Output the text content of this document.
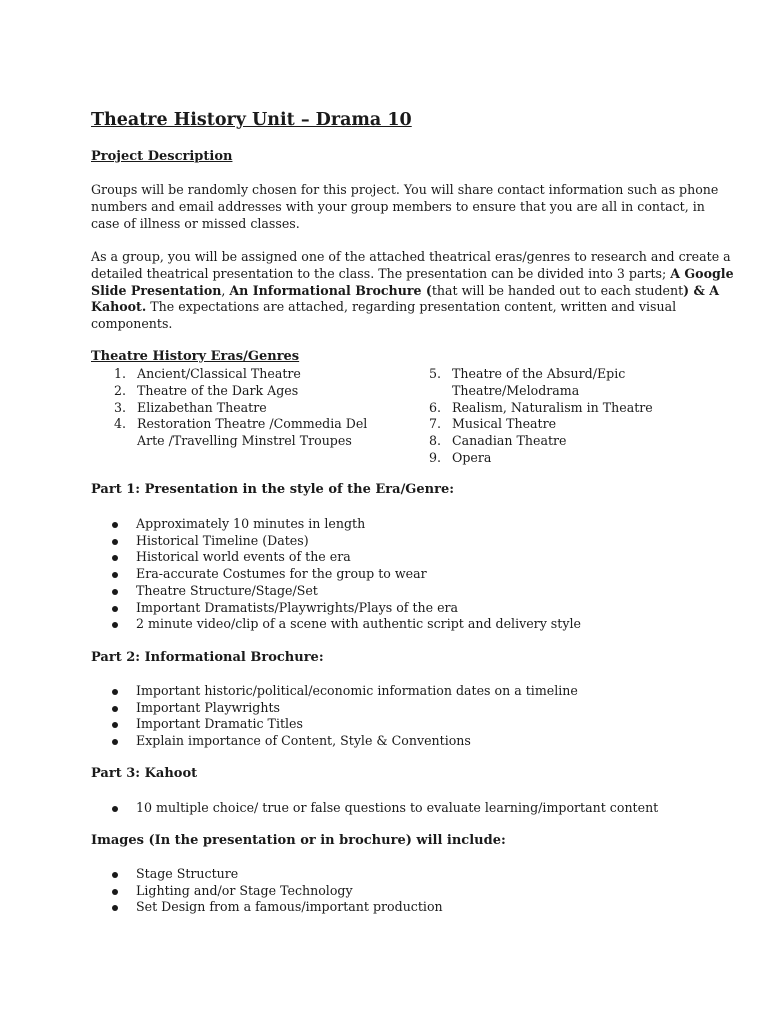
Theatre History Unit – Drama 10
Project Description

Groups will be randomly chosen for this project. You will share contact information such as phone
numbers and email addresses with your group members to ensure that you are all in contact, in
case of illness or missed classes.

As a group, you will be assigned one of the attached theatrical eras/genres to research and create a
detailed theatrical presentation to the class. The presentation can be divided into 3 parts; A Google
Slide Presentation, An Informational Brochure (that will be handed out to each student) & A
Kahoot. The expectations are attached, regarding presentation content, written and visual
components.

Theatre History Eras/Genres
1. Ancient/Classical Theatre
2. Theatre of the Dark Ages
3. Elizabethan Theatre
4. Restoration Theatre /Commedia Del
Arte /Travelling Minstrel Troupes
5. Theatre of the Absurd/Epic
Theatre/Melodrama
6. Realism, Naturalism in Theatre
7. Musical Theatre
8. Canadian Theatre
9. Opera
Part 1: Presentation in the style of the Era/Genre:
Approximately 10 minutes in length
Historical Timeline (Dates)
Historical world events of the era
Era-accurate Costumes for the group to wear
Theatre Structure/Stage/Set
Important Dramatists/Playwrights/Plays of the era
2 minute video/clip of a scene with authentic script and delivery style
Part 2: Informational Brochure:
Important historic/political/economic information dates on a timeline
Important Playwrights
Important Dramatic Titles
Explain importance of Content, Style & Conventions
Part 3: Kahoot
10 multiple choice/ true or false questions to evaluate learning/important content
Images (In the presentation or in brochure) will include:
Stage Structure
Lighting and/or Stage Technology
Set Design from a famous/important production
